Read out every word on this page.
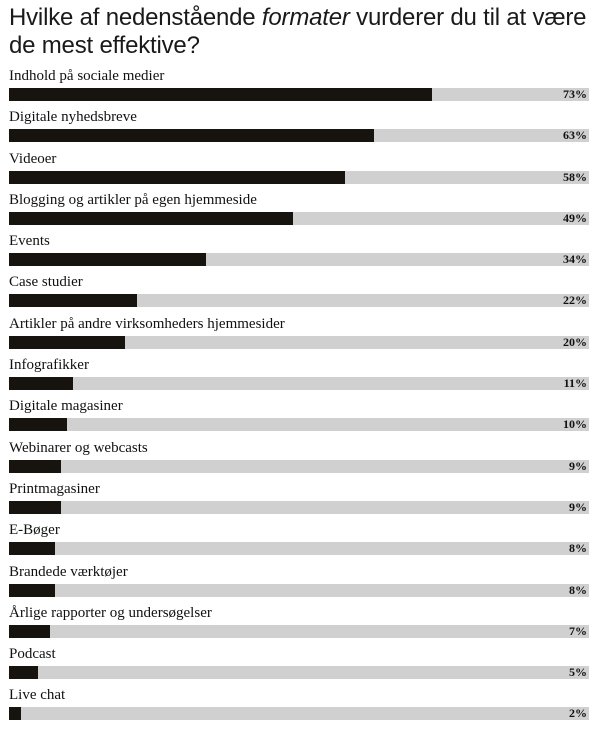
Hvilke af nedenstående formater vurderer du til at være de mest effektive?
Indhold på sociale medier
73%
Digitale nyhedsbreve
63%
Videoer
58%
Blogging og artikler på egen hjemmeside
49%
Events
34%
Case studier
22%
Artikler på andre virksomheders hjemmesider
20%
Infografikker
11%
Digitale magasiner
10%
Webinarer og webcasts
9%
Printmagasiner
9%
E-Bøger
8%
Brandede værktøjer
8%
Årlige rapporter og undersøgelser
7%
Podcast
5%
Live chat
2%
